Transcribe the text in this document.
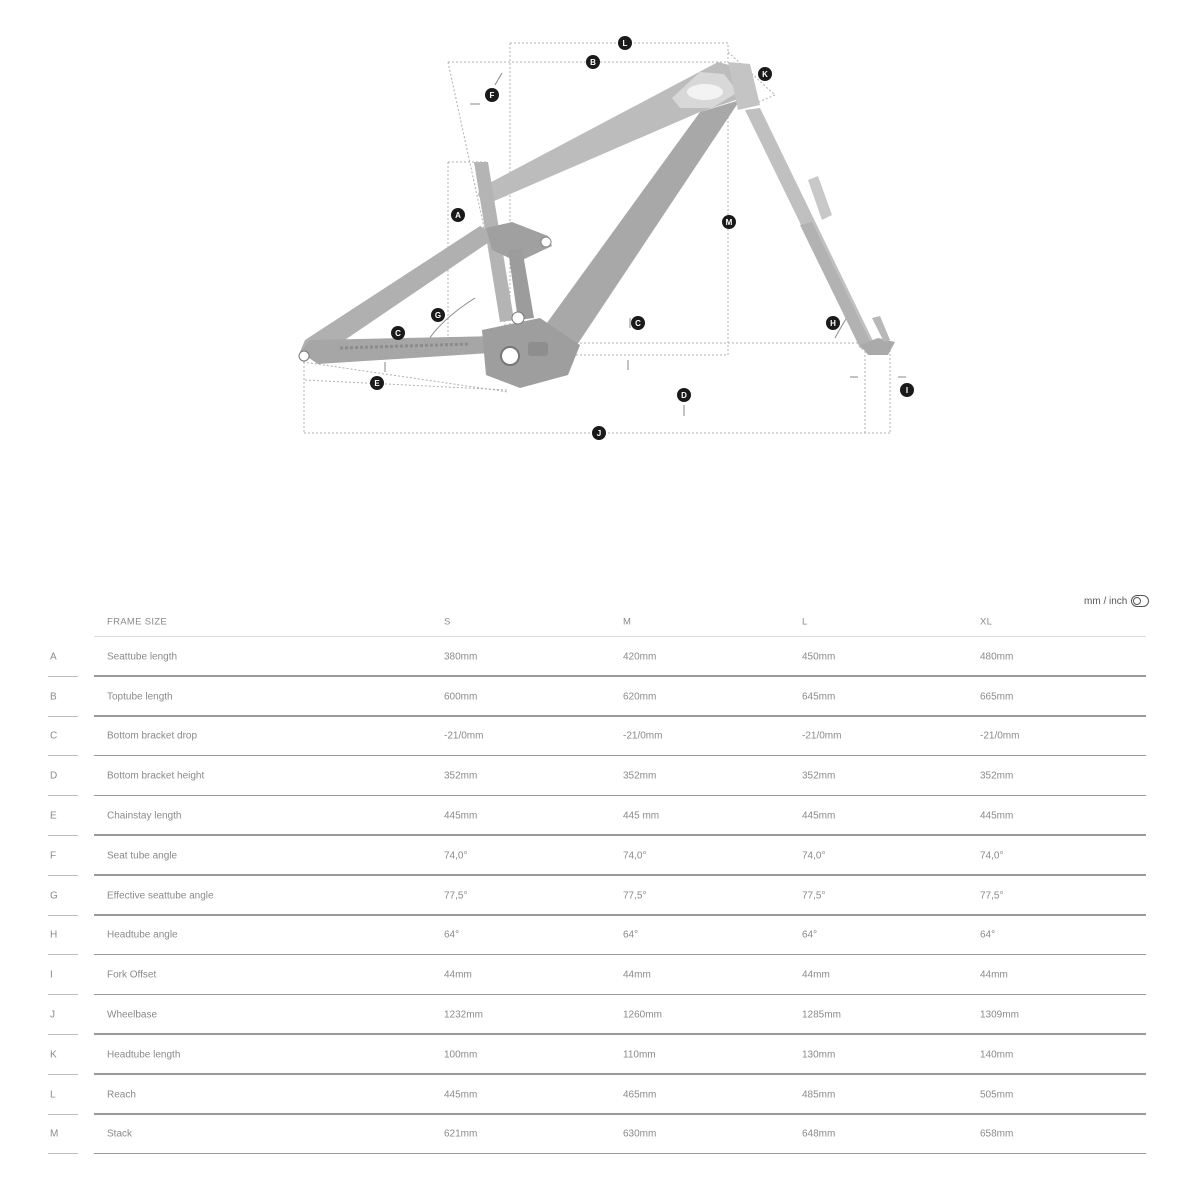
A
B
C
C
D
E
F
G
H
I
J
K
L
M
mm / inch
FRAME SIZE	S	M	L	XL
A	Seattube length	380mm	420mm	450mm	480mm
B	Toptube length	600mm	620mm	645mm	665mm
C	Bottom bracket drop	-21/0mm	-21/0mm	-21/0mm	-21/0mm
D	Bottom bracket height	352mm	352mm	352mm	352mm
E	Chainstay length	445mm	445 mm	445mm	445mm
F	Seat tube angle	74,0°	74,0°	74,0°	74,0°
G	Effective seattube angle	77,5°	77,5°	77,5°	77,5°
H	Headtube angle	64°	64°	64°	64°
I	Fork Offset	44mm	44mm	44mm	44mm
J	Wheelbase	1232mm	1260mm	1285mm	1309mm
K	Headtube length	100mm	110mm	130mm	140mm
L	Reach	445mm	465mm	485mm	505mm
M	Stack	621mm	630mm	648mm	658mm
